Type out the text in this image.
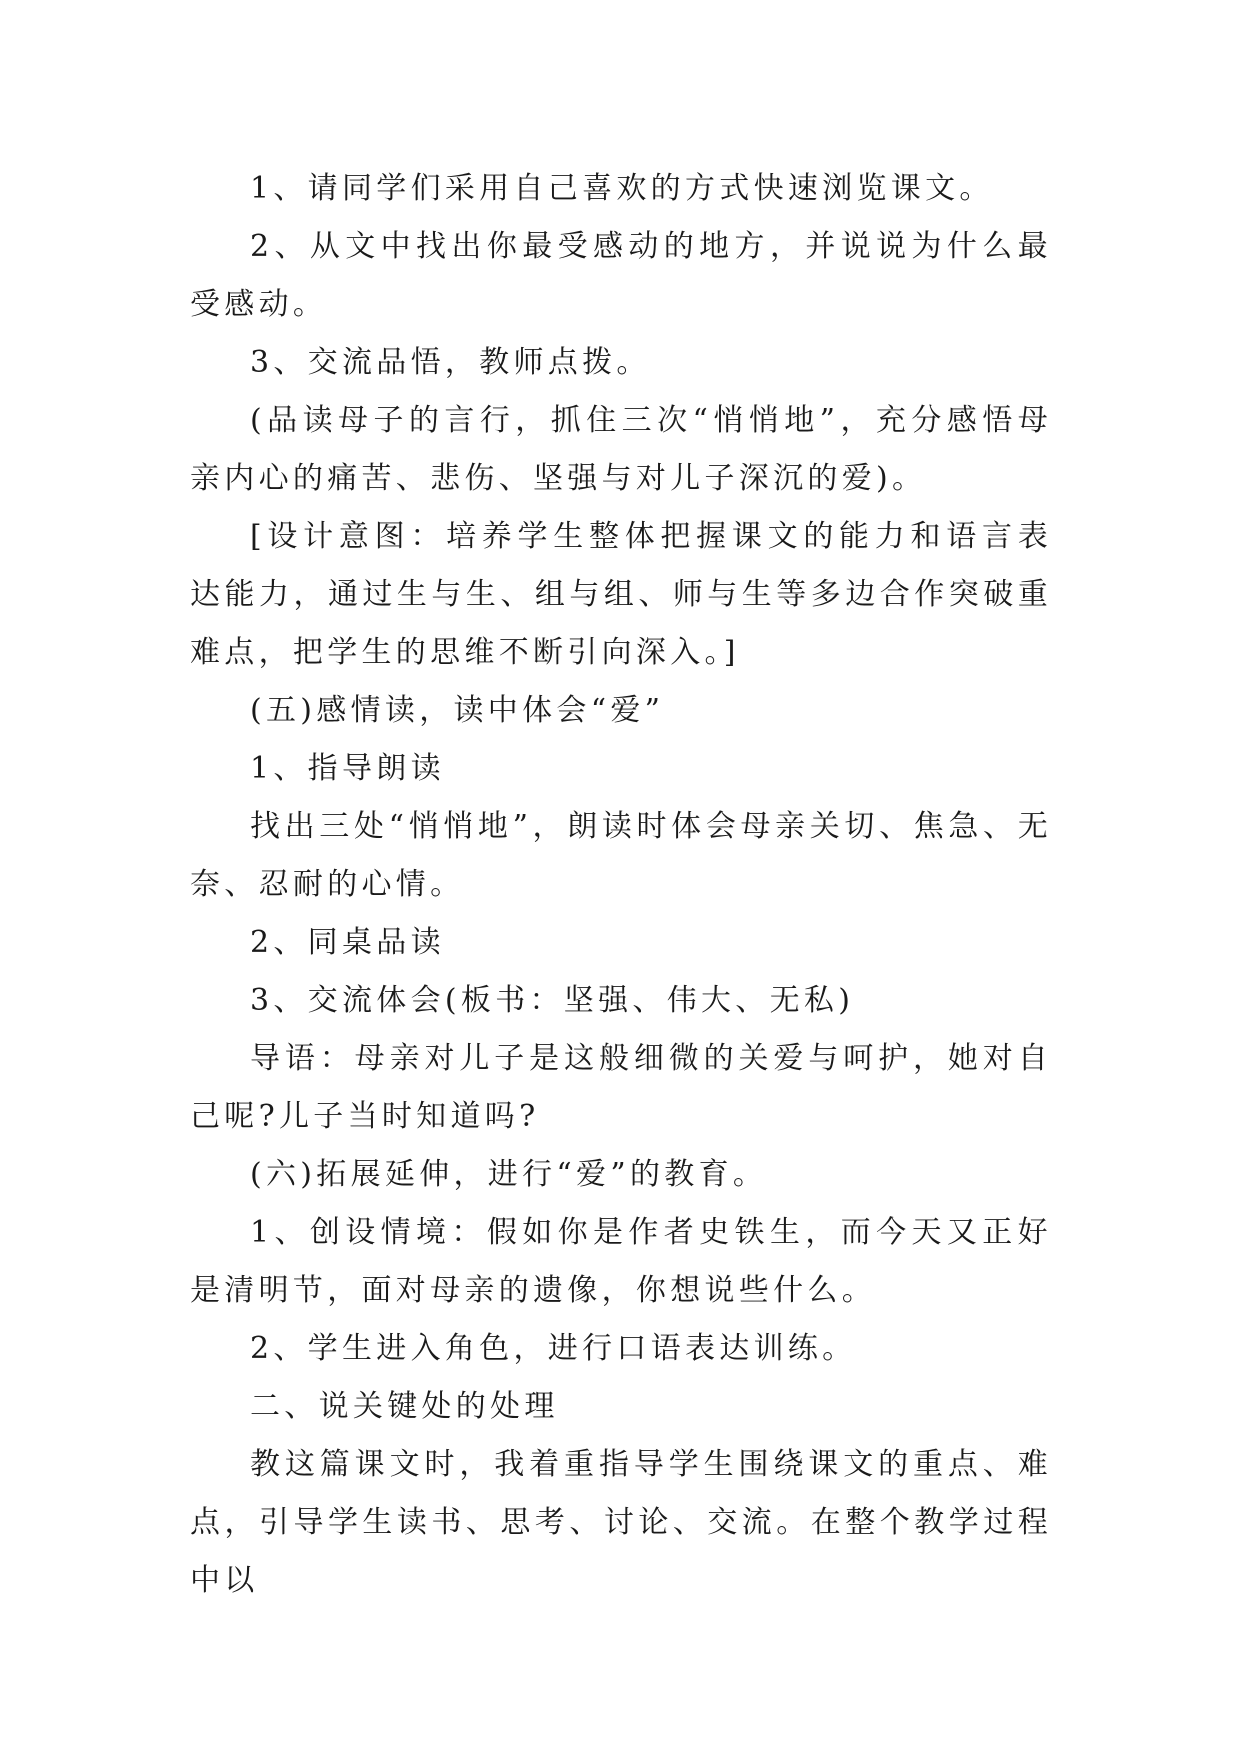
1、请同学们采用自己喜欢的方式快速浏览课文。

2、从文中找出你最受感动的地方，并说说为什么最受感动。

3、交流品悟，教师点拨。

(品读母子的言行，抓住三次“悄悄地”，充分感悟母亲内心的痛苦、悲伤、坚强与对儿子深沉的爱)。

[设计意图：培养学生整体把握课文的能力和语言表达能力，通过生与生、组与组、师与生等多边合作突破重难点，把学生的思维不断引向深入。]

(五)感情读，读中体会“爱”

1、指导朗读

找出三处“悄悄地”，朗读时体会母亲关切、焦急、无奈、忍耐的心情。

2、同桌品读

3、交流体会(板书：坚强、伟大、无私)

导语：母亲对儿子是这般细微的关爱与呵护，她对自己呢?儿子当时知道吗?

(六)拓展延伸，进行“爱”的教育。

1、创设情境：假如你是作者史铁生，而今天又正好是清明节，面对母亲的遗像，你想说些什么。

2、学生进入角色，进行口语表达训练。

二、说关键处的处理

教这篇课文时，我着重指导学生围绕课文的重点、难点，引导学生读书、思考、讨论、交流。在整个教学过程中以
